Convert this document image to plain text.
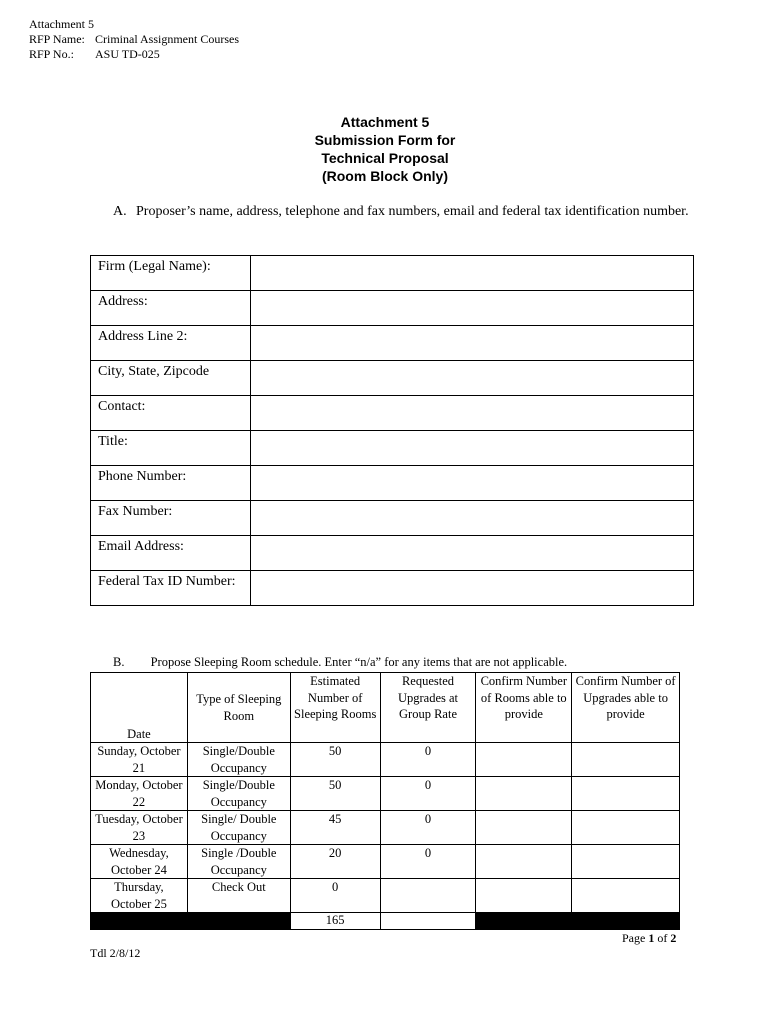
Attachment 5
RFP Name: Criminal Assignment Courses
RFP No.: ASU TD-025
Attachment 5
Submission Form for
Technical Proposal
(Room Block Only)
A. Proposer’s name, address, telephone and fax numbers, email and federal tax identification number.
Firm (Legal Name):	
Address:	
Address Line 2:	
City, State, Zipcode	
Contact:	
Title:	
Phone Number:	
Fax Number:	
Email Address:	
Federal Tax ID Number:	
B. Propose Sleeping Room schedule. Enter “n/a” for any items that are not applicable.
Date	Type of Sleeping Room	Estimated Number of Sleeping Rooms	Requested Upgrades at Group Rate	Confirm Number of Rooms able to provide	Confirm Number of Upgrades able to provide
Sunday, October 21	Single/Double Occupancy	50	0		
Monday, October 22	Single/Double Occupancy	50	0		
Tuesday, October 23	Single/ Double Occupancy	45	0		
Wednesday, October 24	Single /Double Occupancy	20	0		
Thursday, October 25	Check Out	0			
		165			
Page 1 of 2
Tdl 2/8/12
